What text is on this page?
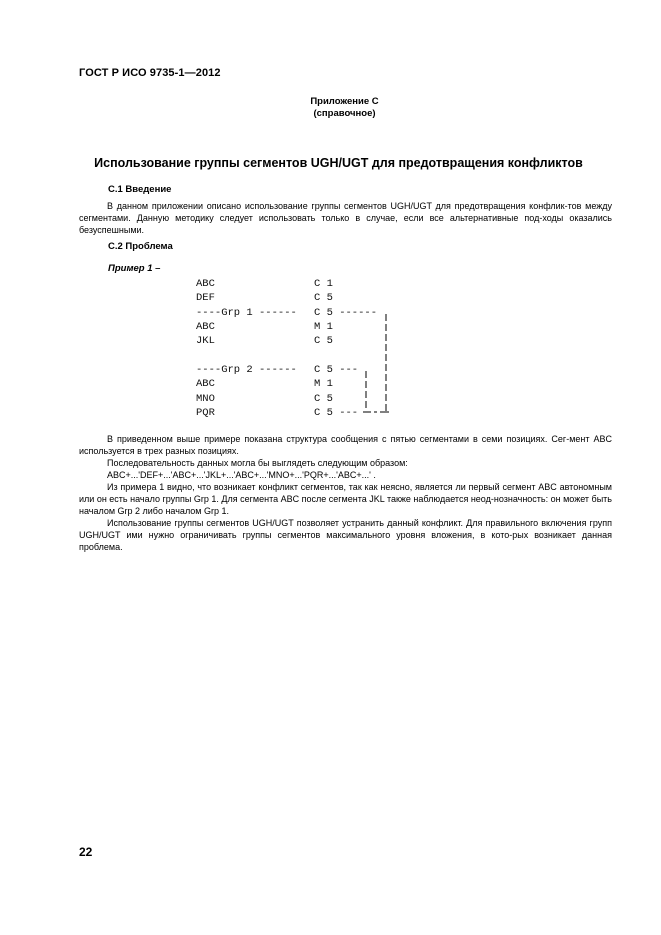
ГОСТ Р ИСО 9735-1—2012
Приложение С
(справочное)
Использование группы сегментов UGH/UGT для предотвращения конфликтов
С.1 Введение
В данном приложении описано использование группы сегментов UGH/UGT для предотвращения конфлик-тов между сегментами. Данную методику следует использовать только в случае, если все альтернативные под-ходы оказались безуспешными.
С.2 Проблема
Пример 1 –
ABC	C 1
DEF	C 5
----Grp 1 ------ C 5 ------
ABC	M 1
JKL	C 5
----Grp 2 ------ C 5 ---
ABC	M 1
MNO	C 5
PQR	C 5 ---
В приведенном выше примере показана структура сообщения с пятью сегментами в семи позициях. Сег-мент ABC используется в трех разных позициях.
Последовательность данных могла бы выглядеть следующим образом:
ABC+...'DEF+...'ABC+...'JKL+...'ABC+...'MNO+...'PQR+...'ABC+...' .
Из примера 1 видно, что возникает конфликт сегментов, так как неясно, является ли первый сегмент ABC автономным или он есть начало группы Grp 1. Для сегмента ABC после сегмента JKL также наблюдается неод-нозначность: он может быть началом Grp 2 либо началом Grp 1.
Использование группы сегментов UGH/UGT позволяет устранить данный конфликт. Для правильного включения групп UGH/UGT ими нужно ограничивать группы сегментов максимального уровня вложения, в кото-рых возникает данная проблема.
22
